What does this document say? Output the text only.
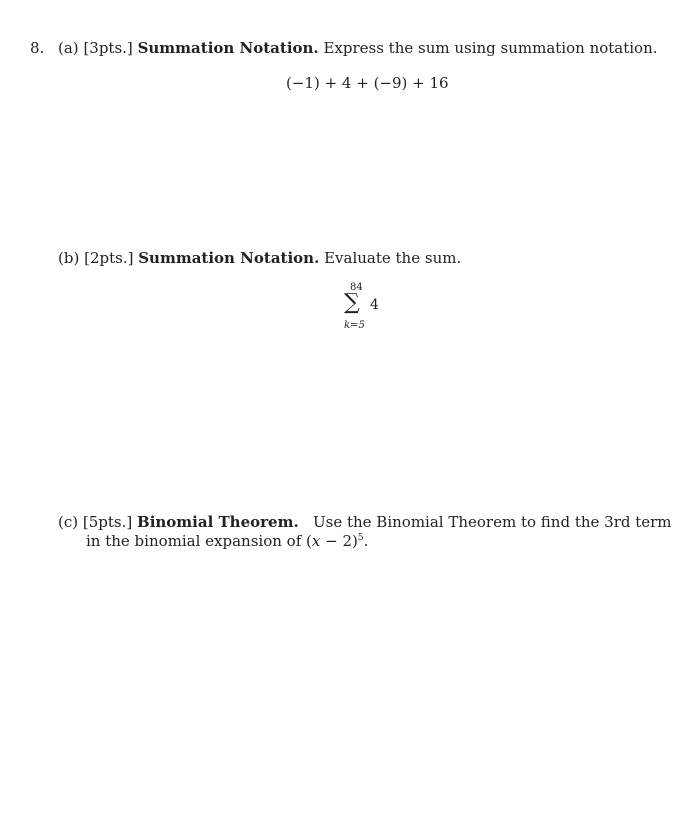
8. (a) [3pts.] Summation Notation. Express the sum using summation notation.
(−1) + 4 + (−9) + 16
(b) [2pts.] Summation Notation. Evaluate the sum.
84
∑ 4
k=5
(c) [5pts.] Binomial Theorem. Use the Binomial Theorem to find the 3rd term
in the binomial expansion of $(x - 2)^5$.
